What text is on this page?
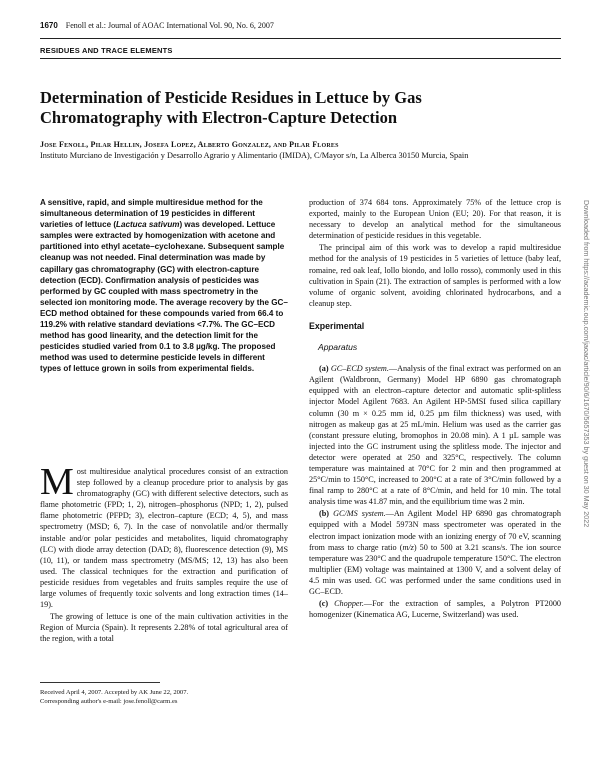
1670 Fenoll et al.: Journal of AOAC International Vol. 90, No. 6, 2007
RESIDUES AND TRACE ELEMENTS
Determination of Pesticide Residues in Lettuce by Gas Chromatography with Electron-Capture Detection
Jose Fenoll, Pilar Hellin, Josefa Lopez, Alberto Gonzalez, and Pilar Flores
Instituto Murciano de Investigación y Desarrollo Agrario y Alimentario (IMIDA), C/Mayor s/n, La Alberca 30150 Murcia, Spain

A sensitive, rapid, and simple multiresidue method for the simultaneous determination of 19 pesticides in different varieties of lettuce (Lactuca sativum) was developed. Lettuce samples were extracted by homogenization with acetone and partitioned into ethyl acetate–cyclohexane. Subsequent sample cleanup was not needed. Final determination was made by capillary gas chromatography (GC) with electron-capture detection (ECD). Confirmation analysis of pesticides was performed by GC coupled with mass spectrometry in the selected ion monitoring mode. The average recovery by the GC–ECD method obtained for these compounds varied from 66.4 to 119.2% with relative standard deviations <7.7%. The GC–ECD method has good linearity, and the detection limit for the pesticides studied varied from 0.1 to 3.8 µg/kg. The proposed method was used to determine pesticide levels in different types of lettuce grown in soils from experimental fields.

Most multiresidue analytical procedures consist of an extraction step followed by a cleanup procedure prior to analysis by gas chromatography (GC) with different selective detectors, such as flame photometric (FPD; 1, 2), nitrogen–phosphorus (NPD; 1, 2), pulsed flame photometric (PFPD; 3), electron–capture (ECD; 4, 5), and mass spectrometry (MSD; 6, 7). In the case of nonvolatile and/or thermally instable and/or polar pesticides and metabolites, liquid chromatography (LC) with diode array detection (DAD; 8), fluorescence detection (9), MS (10, 11), or tandem mass spectrometry (MS/MS; 12, 13) has also been used. The classical techniques for the extraction and purification of pesticide residues from vegetables and fruits samples require the use of large volumes of frequently toxic solvents and long extraction times (14–19).

The growing of lettuce is one of the main cultivation activities in the Region of Murcia (Spain). It represents 2.28% of total agricultural area of the region, with a total

Received April 4, 2007. Accepted by AK June 22, 2007.
Corresponding author's e-mail: jose.fenoll@carm.es

production of 374 684 tons. Approximately 75% of the lettuce crop is exported, mainly to the European Union (EU; 20). For that reason, it is necessary to develop an analytical method for the simultaneous determination of pesticide residues in this vegetable.

The principal aim of this work was to develop a rapid multiresidue method for the analysis of 19 pesticides in 5 varieties of lettuce (baby leaf, romaine, red oak leaf, lollo biondo, and lollo rosso), commonly used in this cultivation in Spain (21). The extraction of samples is performed with a low volume of organic solvent, avoiding chlorinated hydrocarbons, and a cleanup step.

Experimental
Apparatus

(a) GC–ECD system.—Analysis of the final extract was performed on an Agilent (Waldbronn, Germany) Model HP 6890 gas chromatograph equipped with an electron–capture detector and automatic split-splitless injector Model Agilent 7683. An Agilent HP-5MSI fused silica capillary column (30 m × 0.25 mm id, 0.25 µm film thickness) was used, with nitrogen as makeup gas at 25 mL/min. Helium was used as the carrier gas (constant pressure eluting, bromophos in 20.08 min). A 1 µL sample was injected into the GC instrument using the splitless mode. The injector and detector were operated at 250 and 325°C, respectively. The column temperature was maintained at 70°C for 2 min and then programmed at 25°C/min to 150°C, increased to 200°C at a rate of 3°C/min followed by a final ramp to 280°C at a rate of 8°C/min, and held for 10 min. The total analysis time was 41.87 min, and the equilibrium time was 2 min.

(b) GC/MS system.—An Agilent Model HP 6890 gas chromatograph equipped with a Model 5973N mass spectrometer was operated in the electron impact ionization mode with an ionizing energy of 70 eV, scanning from mass to charge ratio (m/z) 50 to 500 at 3.21 scans/s. The ion source temperature was 230°C and the quadrupole temperature 150°C. The electron multiplier (EM) voltage was maintained at 1300 V, and a solvent delay of 4.5 min was used. GC was performed under the same conditions used in GC–ECD.

(c) Chopper.—For the extraction of samples, a Polytron PT2000 homogenizer (Kinematica AG, Lucerne, Switzerland) was used.

Downloaded from https://academic.oup.com/jaoac/article/90/6/1670/5657353 by guest on 30 May 2022
